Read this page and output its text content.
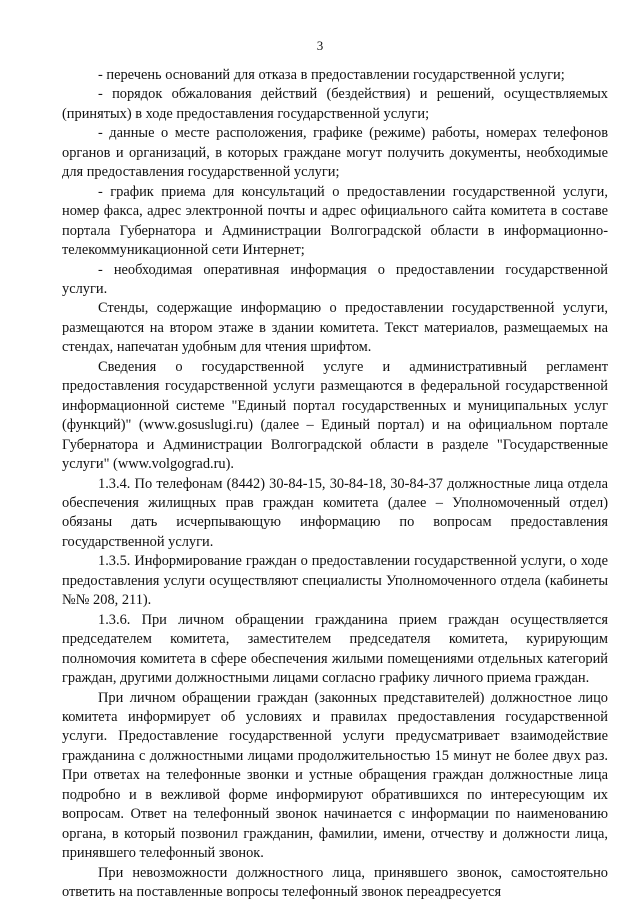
3

- перечень оснований для отказа в предоставлении государственной услуги;

- порядок обжалования действий (бездействия) и решений, осуществляемых (принятых) в ходе предоставления государственной услуги;

- данные о месте расположения, графике (режиме) работы, номерах телефонов органов и организаций, в которых граждане могут получить документы, необходимые для предоставления государственной услуги;

- график приема для консультаций о предоставлении государственной услуги, номер факса, адрес электронной почты и адрес официального сайта комитета в составе портала Губернатора и Администрации Волгоградской области в информационно-телекоммуникационной сети Интернет;

- необходимая оперативная информация о предоставлении государственной услуги.

Стенды, содержащие информацию о предоставлении государственной услуги, размещаются на втором этаже в здании комитета. Текст материалов, размещаемых на стендах, напечатан удобным для чтения шрифтом.

Сведения о государственной услуге и административный регламент предоставления государственной услуги размещаются в федеральной государственной информационной системе "Единый портал государственных и муниципальных услуг (функций)" (www.gosuslugi.ru) (далее – Единый портал) и на официальном портале Губернатора и Администрации Волгоградской области в разделе "Государственные услуги" (www.volgograd.ru).

1.3.4. По телефонам (8442) 30-84-15, 30-84-18, 30-84-37 должностные лица отдела обеспечения жилищных прав граждан комитета (далее – Уполномоченный отдел) обязаны дать исчерпывающую информацию по вопросам предоставления государственной услуги.

1.3.5. Информирование граждан о предоставлении государственной услуги, о ходе предоставления услуги осуществляют специалисты Уполномоченного отдела (кабинеты №№ 208, 211).

1.3.6. При личном обращении гражданина прием граждан осуществляется председателем комитета, заместителем председателя комитета, курирующим полномочия комитета в сфере обеспечения жилыми помещениями отдельных категорий граждан, другими должностными лицами согласно графику личного приема граждан.

При личном обращении граждан (законных представителей) должностное лицо комитета информирует об условиях и правилах предоставления государственной услуги. Предоставление государственной услуги предусматривает взаимодействие гражданина с должностными лицами продолжительностью 15 минут не более двух раз. При ответах на телефонные звонки и устные обращения граждан должностные лица подробно и в вежливой форме информируют обратившихся по интересующим их вопросам. Ответ на телефонный звонок начинается с информации по наименованию органа, в который позвонил гражданин, фамилии, имени, отчеству и должности лица, принявшего телефонный звонок.

При невозможности должностного лица, принявшего звонок, самостоятельно ответить на поставленные вопросы телефонный звонок переадресуется
